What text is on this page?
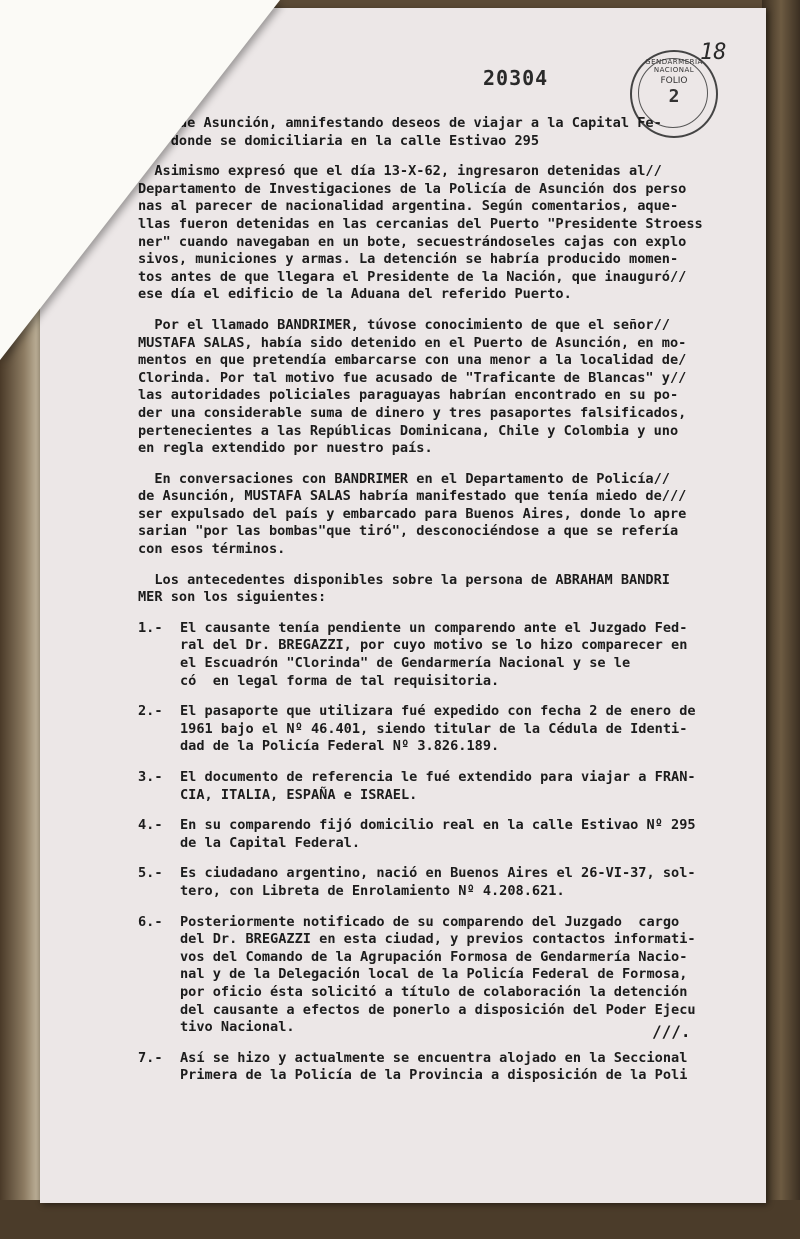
20304
18
GENDARMERIA NACIONAL
FOLIO
2
icia de Asunción, amnifestando deseos de viajar a la Capital Fe-
al, donde se domiciliaria en la calle Estivao 295
Asimismo expresó que el día 13-X-62, ingresaron detenidas al//
Departamento de Investigaciones de la Policía de Asunción dos perso
nas al parecer de nacionalidad argentina. Según comentarios, aque-
llas fueron detenidas en las cercanias del Puerto "Presidente Stroess
ner" cuando navegaban en un bote, secuestrándoseles cajas con explo
sivos, municiones y armas. La detención se habría producido momen-
tos antes de que llegara el Presidente de la Nación, que inauguró//
ese día el edificio de la Aduana del referido Puerto.
Por el llamado BANDRIMER, túvose conocimiento de que el señor//
MUSTAFA SALAS, había sido detenido en el Puerto de Asunción, en mo-
mentos en que pretendía embarcarse con una menor a la localidad de/
Clorinda. Por tal motivo fue acusado de "Traficante de Blancas" y//
las autoridades policiales paraguayas habrían encontrado en su po-
der una considerable suma de dinero y tres pasaportes falsificados,
pertenecientes a las Repúblicas Dominicana, Chile y Colombia y uno
en regla extendido por nuestro país.
En conversaciones con BANDRIMER en el Departamento de Policía//
de Asunción, MUSTAFA SALAS habría manifestado que tenía miedo de///
ser expulsado del país y embarcado para Buenos Aires, donde lo apre
sarian "por las bombas"que tiró", desconociéndose a que se refería
con esos términos.
Los antecedentes disponibles sobre la persona de ABRAHAM BANDRI
MER son los siguientes:
1.- El causante tenía pendiente un comparendo ante el Juzgado Fed-
ral del Dr. BREGAZZI, por cuyo motivo se lo hizo comparecer en
el Escuadrón "Clorinda" de Gendarmería Nacional y se le
có  en legal forma de tal requisitoria.
2.- El pasaporte que utilizara fué expedido con fecha 2 de enero de
1961 bajo el Nº 46.401, siendo titular de la Cédula de Identi-
dad de la Policía Federal Nº 3.826.189.
3.- El documento de referencia le fué extendido para viajar a FRAN-
CIA, ITALIA, ESPAÑA e ISRAEL.
4.- En su comparendo fijó domicilio real en la calle Estivao Nº 295
de la Capital Federal.
5.- Es ciudadano argentino, nació en Buenos Aires el 26-VI-37, sol-
tero, con Libreta de Enrolamiento Nº 4.208.621.
6.- Posteriormente notificado de su comparendo del Juzgado  cargo
del Dr. BREGAZZI en esta ciudad, y previos contactos informati-
vos del Comando de la Agrupación Formosa de Gendarmería Nacio-
nal y de la Delegación local de la Policía Federal de Formosa,
por oficio ésta solicitó a título de colaboración la detención
del causante a efectos de ponerlo a disposición del Poder Ejecu
tivo Nacional.
7.- Así se hizo y actualmente se encuentra alojado en la Seccional
Primera de la Policía de la Provincia a disposición de la Poli
///.
